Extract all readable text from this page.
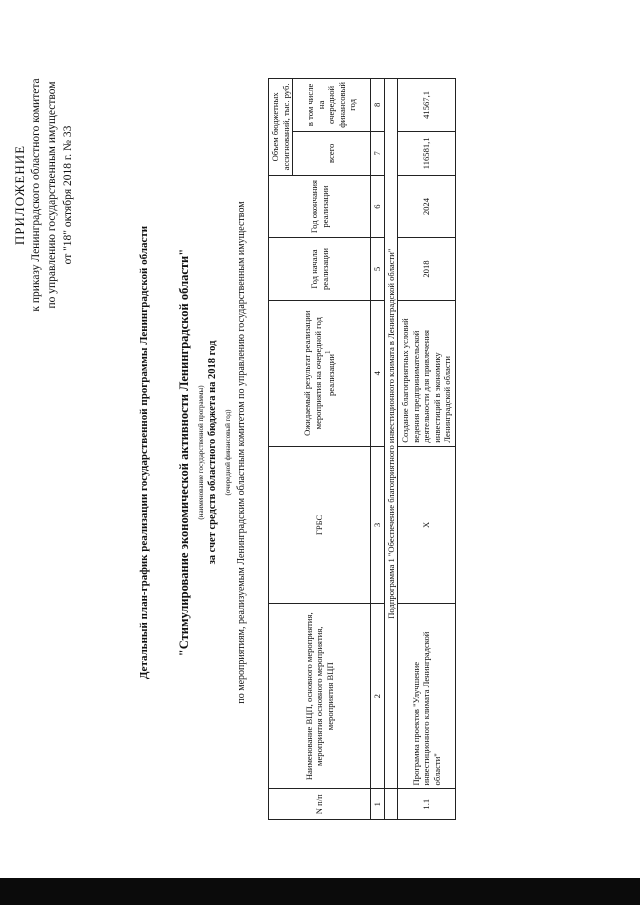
ПРИЛОЖЕНИЕ к приказу Ленинградского областного комитета по управлению государственным имуществом от "18" октября 2018 г. № 33
Детальный план-график реализации государственной программы Ленинградской области "Стимулирование экономической активности Ленинградской области" (наименование государственной программы) за счет средств областного бюджета на 2018 год (очередной финансовый год) по мероприятиям, реализуемым Ленинградским областным комитетом по управлению государственным имуществом
N п/п	Наименование ВЦП, основного мероприятия, мероприятия основного мероприятия, мероприятия ВЦП	ГРБС	Ожидаемый результат реализации мероприятия на очередной год реализации$^1$	Год начала реализации	Год окончания реализации	Объем бюджетных ассигнований, тыс. руб.	
						всего	в том числе на очередной финансовый год
1	2	3	4	5	6	7	8
	Подпрограмма 1 "Обеспечение благоприятного инвестиционного климата в Ленинградской области"						
1.1	Программа проектов "Улучшение инвестиционного климата Ленинградской области"	Х	Создание благоприятных условий ведения предпринимательской деятельности для привлечения инвестиций в экономику Ленинградской области	2018	2024	116581,1	41567,1
